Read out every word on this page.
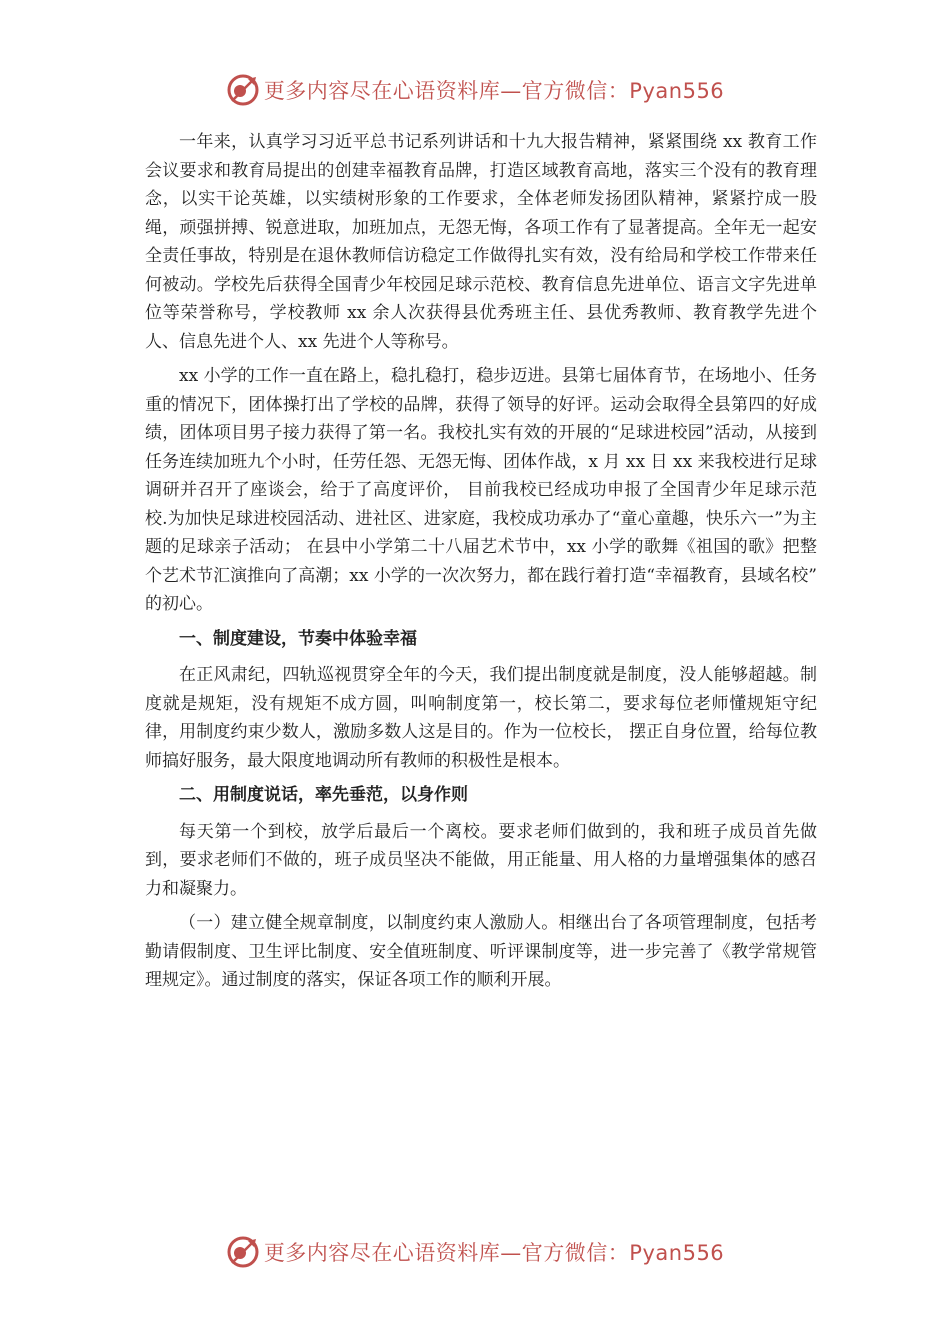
更多内容尽在心语资料库—官方微信：Pyan556

一年来，认真学习习近平总书记系列讲话和十九大报告精神，紧紧围绕 xx 教育工作会议要求和教育局提出的创建幸福教育品牌，打造区域教育高地，落实三个没有的教育理念，以实干论英雄，以实绩树形象的工作要求，全体老师发扬团队精神，紧紧拧成一股绳，顽强拼搏、锐意进取，加班加点，无怨无悔，各项工作有了显著提高。全年无一起安全责任事故，特别是在退休教师信访稳定工作做得扎实有效，没有给局和学校工作带来任何被动。学校先后获得全国青少年校园足球示范校、教育信息先进单位、语言文字先进单位等荣誉称号，学校教师 xx 余人次获得县优秀班主任、县优秀教师、教育教学先进个人、信息先进个人、xx 先进个人等称号。

xx 小学的工作一直在路上，稳扎稳打，稳步迈进。县第七届体育节，在场地小、任务重的情况下，团体操打出了学校的品牌，获得了领导的好评。运动会取得全县第四的好成绩，团体项目男子接力获得了第一名。我校扎实有效的开展的“足球进校园”活动，从接到任务连续加班九个小时，任劳任怨、无怨无悔、团体作战，x 月 xx 日 xx 来我校进行足球调研并召开了座谈会，给于了高度评价， 目前我校已经成功申报了全国青少年足球示范校.为加快足球进校园活动、进社区、进家庭，我校成功承办了“童心童趣，快乐六一”为主题的足球亲子活动； 在县中小学第二十八届艺术节中，xx 小学的歌舞《祖国的歌》把整个艺术节汇演推向了高潮；xx 小学的一次次努力，都在践行着打造“幸福教育，县域名校” 的初心。

一、制度建设，节奏中体验幸福

在正风肃纪，四轨巡视贯穿全年的今天，我们提出制度就是制度，没人能够超越。制度就是规矩，没有规矩不成方圆，叫响制度第一，校长第二，要求每位老师懂规矩守纪律，用制度约束少数人，激励多数人这是目的。作为一位校长， 摆正自身位置，给每位教师搞好服务，最大限度地调动所有教师的积极性是根本。

二、用制度说话，率先垂范，以身作则

每天第一个到校，放学后最后一个离校。要求老师们做到的，我和班子成员首先做到，要求老师们不做的，班子成员坚决不能做，用正能量、用人格的力量增强集体的感召力和凝聚力。

（一）建立健全规章制度，以制度约束人激励人。相继出台了各项管理制度，包括考勤请假制度、卫生评比制度、安全值班制度、听评课制度等，进一步完善了《教学常规管理规定》。通过制度的落实，保证各项工作的顺利开展。

更多内容尽在心语资料库—官方微信：Pyan556
